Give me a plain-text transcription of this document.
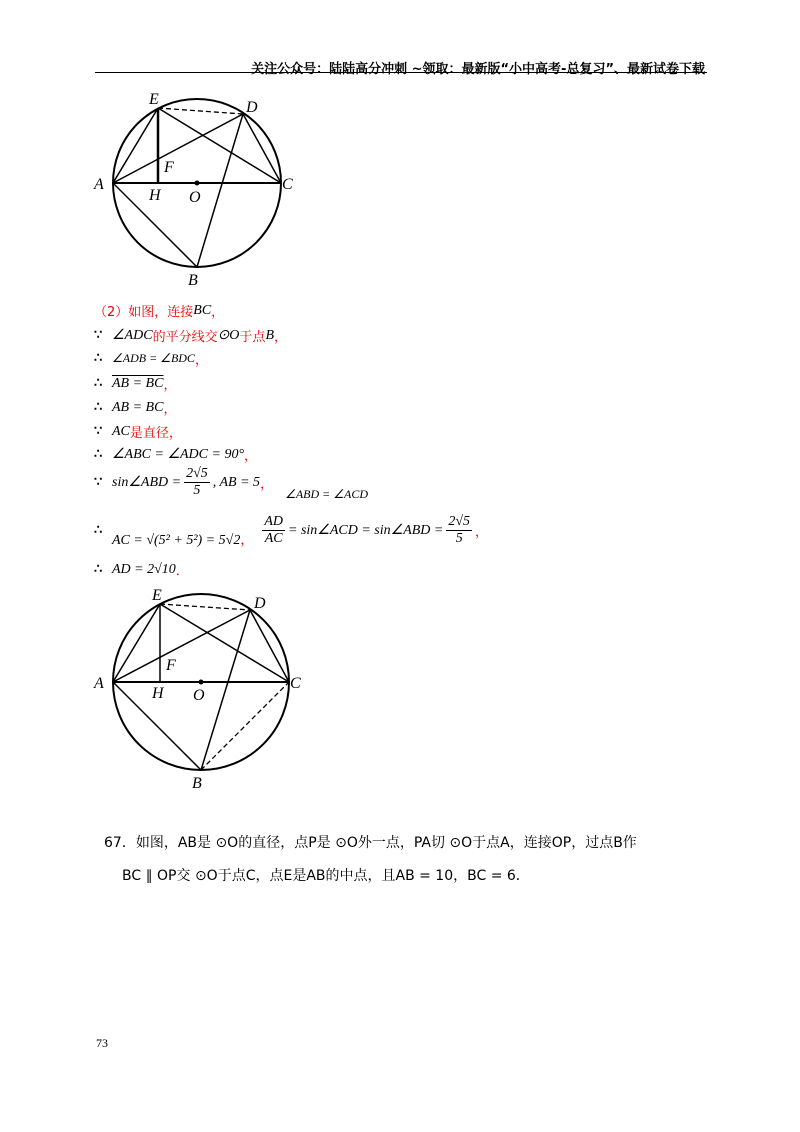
关注公众号：陆陆高分冲刺 ~领取：最新版“小中高考-总复习”、最新试卷下载
A
B
C
D
E
F
H O
（2）如图，连接 BC ，
∵ ∠ADC 的平分线交 ⊙O 于点 B ，
∴ ∠ADB = ∠BDC ，
∴ AB = BC ，
∴ AB = BC ，
∵ AC 是直径 ，
∴ ∠ABC = ∠ADC = 90° ，
∵ sin∠ABD = $\frac{2√5}{5}$ , AB = 5 ，
∠ABD = ∠ACD
∴
AC = √(5² + 5²) = 5√2 ， $\frac{AD}{AC}$ = sin∠ACD = sin∠ABD = $\frac{2√5}{5}$ ，
∴ AD = 2√10 ．
A
B
C
D
E
F
H O
67．如图，AB是 ⊙O的直径，点P是 ⊙O外一点，PA切 ⊙O于点A，连接OP，过点B作
BC ∥ OP交 ⊙O于点C，点E是AB的中点，且AB = 10，BC = 6．
73
